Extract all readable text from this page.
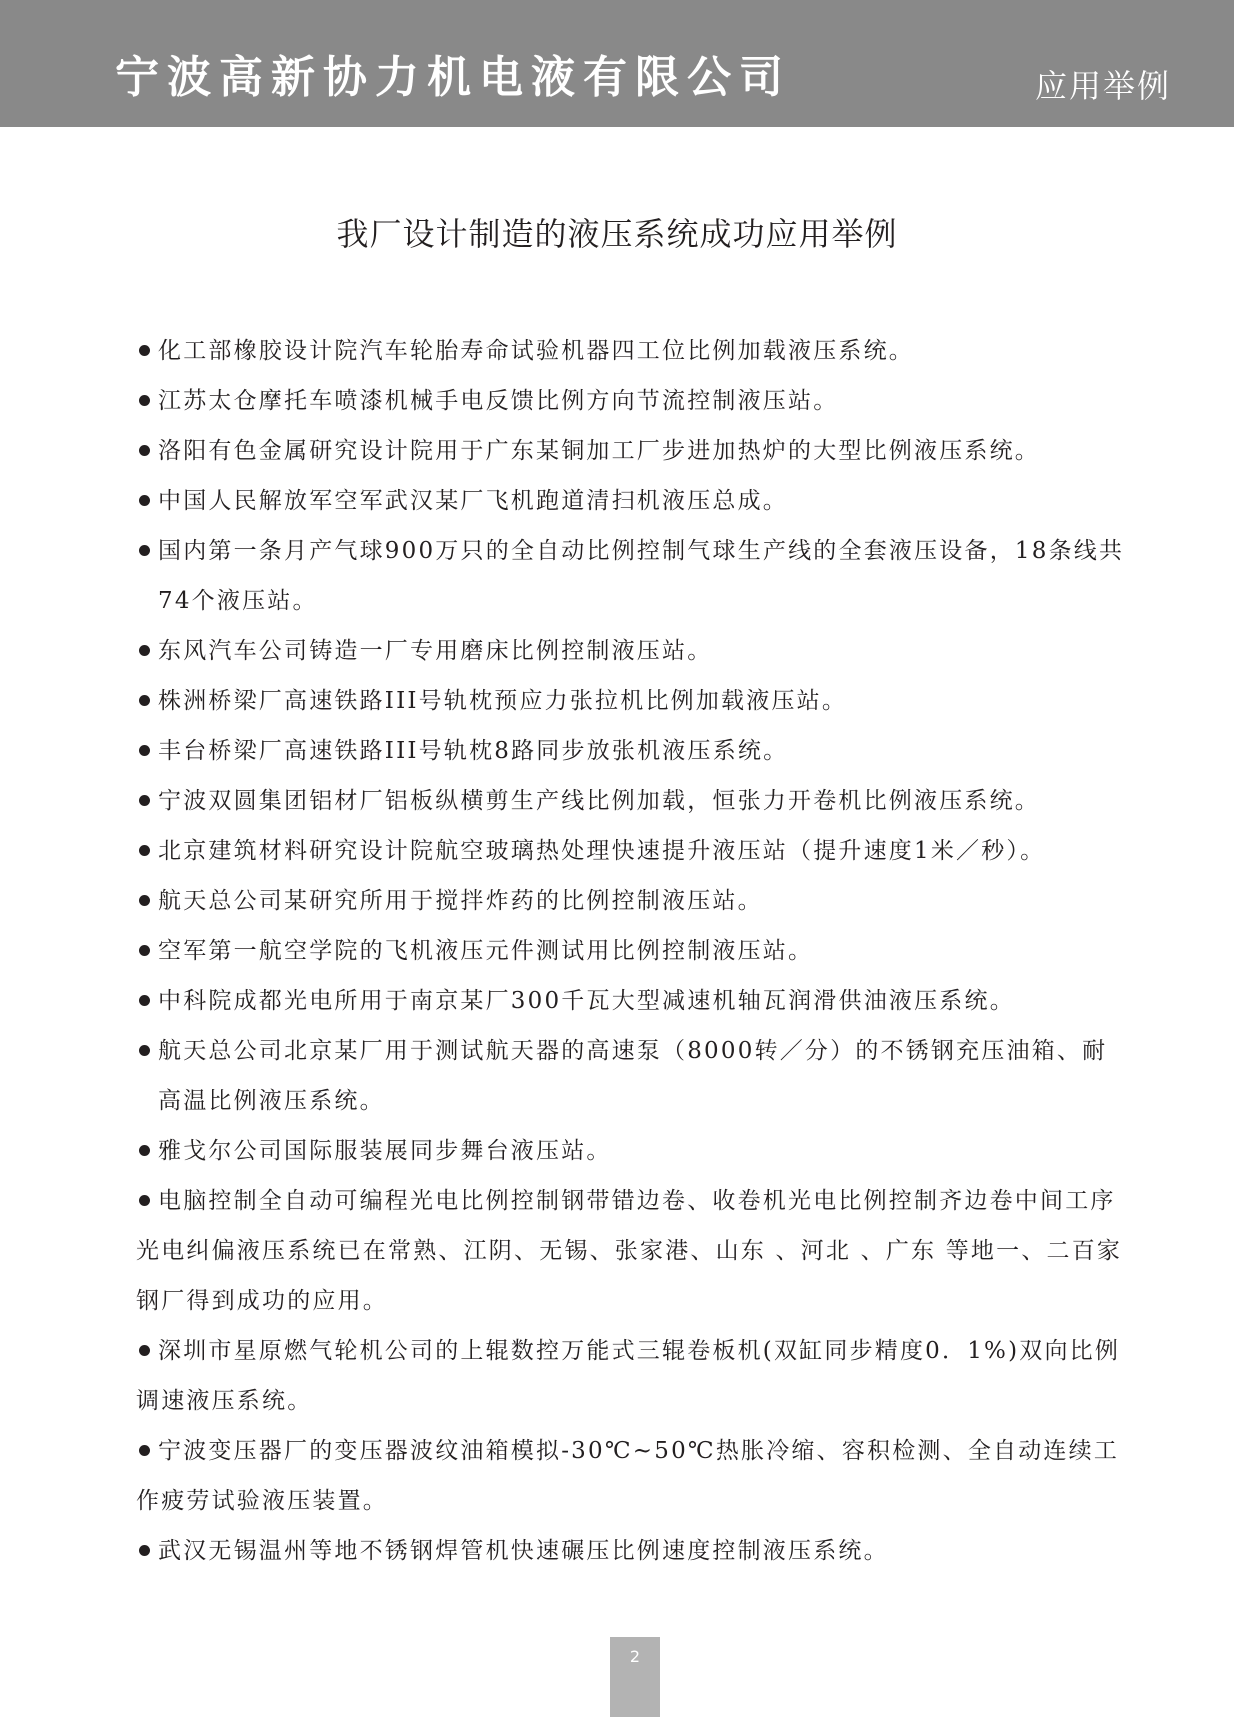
宁波高新协力机电液有限公司	应用举例
我厂设计制造的液压系统成功应用举例
化工部橡胶设计院汽车轮胎寿命试验机器四工位比例加载液压系统。
江苏太仓摩托车喷漆机械手电反馈比例方向节流控制液压站。
洛阳有色金属研究设计院用于广东某铜加工厂步进加热炉的大型比例液压系统。
中国人民解放军空军武汉某厂飞机跑道清扫机液压总成。
国内第一条月产气球900万只的全自动比例控制气球生产线的全套液压设备，18条线共74个液压站。
东风汽车公司铸造一厂专用磨床比例控制液压站。
株洲桥梁厂高速铁路III号轨枕预应力张拉机比例加载液压站。
丰台桥梁厂高速铁路III号轨枕8路同步放张机液压系统。
宁波双圆集团铝材厂铝板纵横剪生产线比例加载，恒张力开卷机比例液压系统。
北京建筑材料研究设计院航空玻璃热处理快速提升液压站（提升速度1米／秒）。
航天总公司某研究所用于搅拌炸药的比例控制液压站。
空军第一航空学院的飞机液压元件测试用比例控制液压站。
中科院成都光电所用于南京某厂300千瓦大型减速机轴瓦润滑供油液压系统。
航天总公司北京某厂用于测试航天器的高速泵（8000转／分）的不锈钢充压油箱、耐高温比例液压系统。
雅戈尔公司国际服装展同步舞台液压站。
电脑控制全自动可编程光电比例控制钢带错边卷、收卷机光电比例控制齐边卷中间工序光电纠偏液压系统已在常熟、江阴、无锡、张家港、山东 、河北 、广东 等地一、二百家钢厂得到成功的应用。
深圳市星原燃气轮机公司的上辊数控万能式三辊卷板机(双缸同步精度0．1%)双向比例调速液压系统。
宁波变压器厂的变压器波纹油箱模拟-30℃~50℃热胀冷缩、容积检测、全自动连续工作疲劳试验液压装置。
武汉无锡温州等地不锈钢焊管机快速碾压比例速度控制液压系统。
2
